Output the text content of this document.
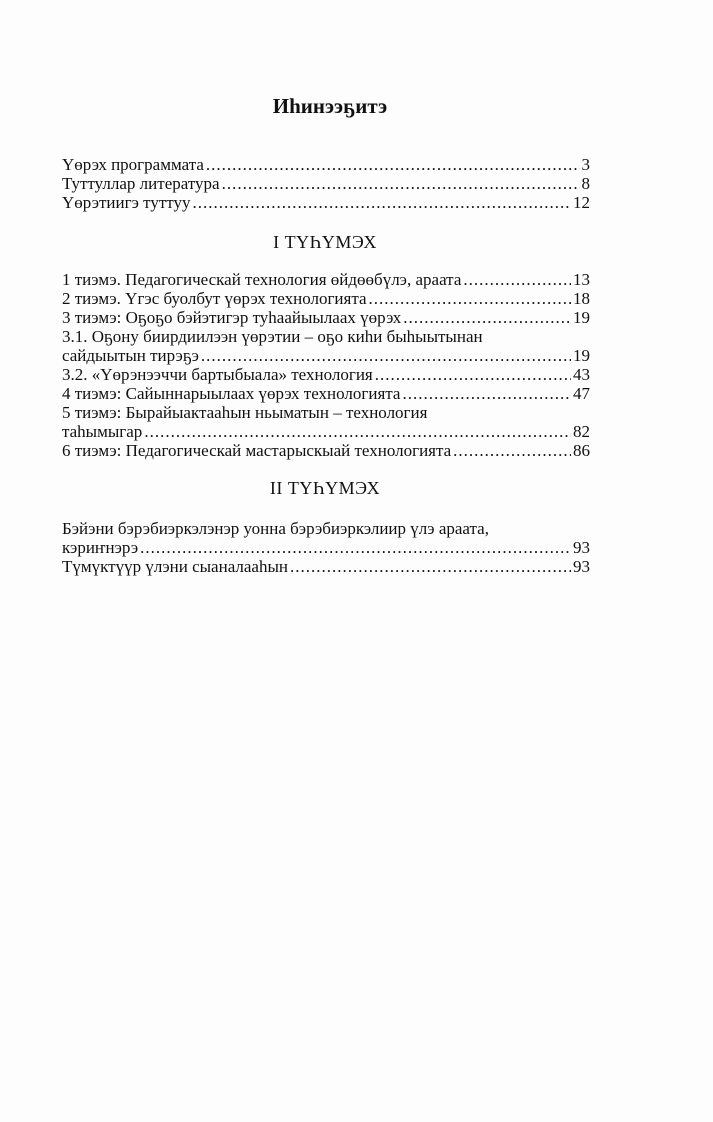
Иһинээҕитэ
Үөрэх программата .....	3
Туттуллар литература .....	8
Үөрэтиигэ туттуу .....	12
I ТҮҺҮМЭХ
1 тиэмэ. Педагогическай технология өйдөөбүлэ, араата .....	13
2 тиэмэ. Үгэс буолбут үөрэх технологията .....	18
3 тиэмэ: Оҕоҕо бэйэтигэр туһаайыылаах үөрэх .....	19
3.1. Оҕону биирдиилээн үөрэтии – оҕо киһи быһыытынан
сайдыытын тирэҕэ .....	19
3.2. «Үөрэнээччи бартыбыала» технология .....	43
4 тиэмэ: Сайыннарыылаах үөрэх технологията .....	47
5 тиэмэ: Бырайыактааһын ньыматын – технология
таһымыгар .....	82
6 тиэмэ: Педагогическай мастарыскыай технологията .....	86
II ТҮҺҮМЭХ
Бэйэни бэрэбиэркэлэнэр уонна бэрэбиэркэлиир үлэ араата,
кэриҥнэрэ .....	93
Түмүктүүр үлэни сыаналааһын .....	93
